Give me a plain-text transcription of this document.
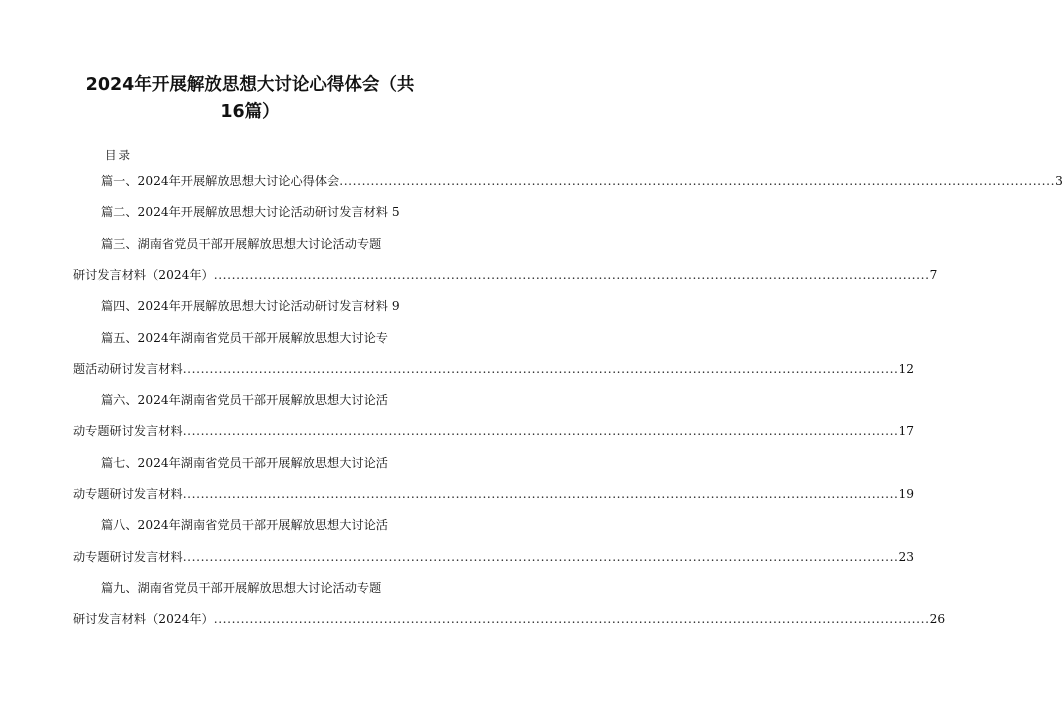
2024年开展解放思想大讨论心得体会（共
16篇）
目录
篇一、2024年开展解放思想大讨论心得体会 ................................................................................................................................................................ 3
篇二、2024年开展解放思想大讨论活动研讨发言材料
5
篇三、湖南省党员干部开展解放思想大讨论活动专题
研讨发言材料（2024年） ................................................................................................................................................................ 7
篇四、2024年开展解放思想大讨论活动研讨发言材料
9
篇五、2024年湖南省党员干部开展解放思想大讨论专
题活动研讨发言材料 ................................................................................................................................................................ 12
篇六、2024年湖南省党员干部开展解放思想大讨论活
动专题研讨发言材料 ................................................................................................................................................................ 17
篇七、2024年湖南省党员干部开展解放思想大讨论活
动专题研讨发言材料 ................................................................................................................................................................ 19
篇八、2024年湖南省党员干部开展解放思想大讨论活
动专题研讨发言材料 ................................................................................................................................................................ 23
篇九、湖南省党员干部开展解放思想大讨论活动专题
研讨发言材料（2024年） ................................................................................................................................................................ 26
